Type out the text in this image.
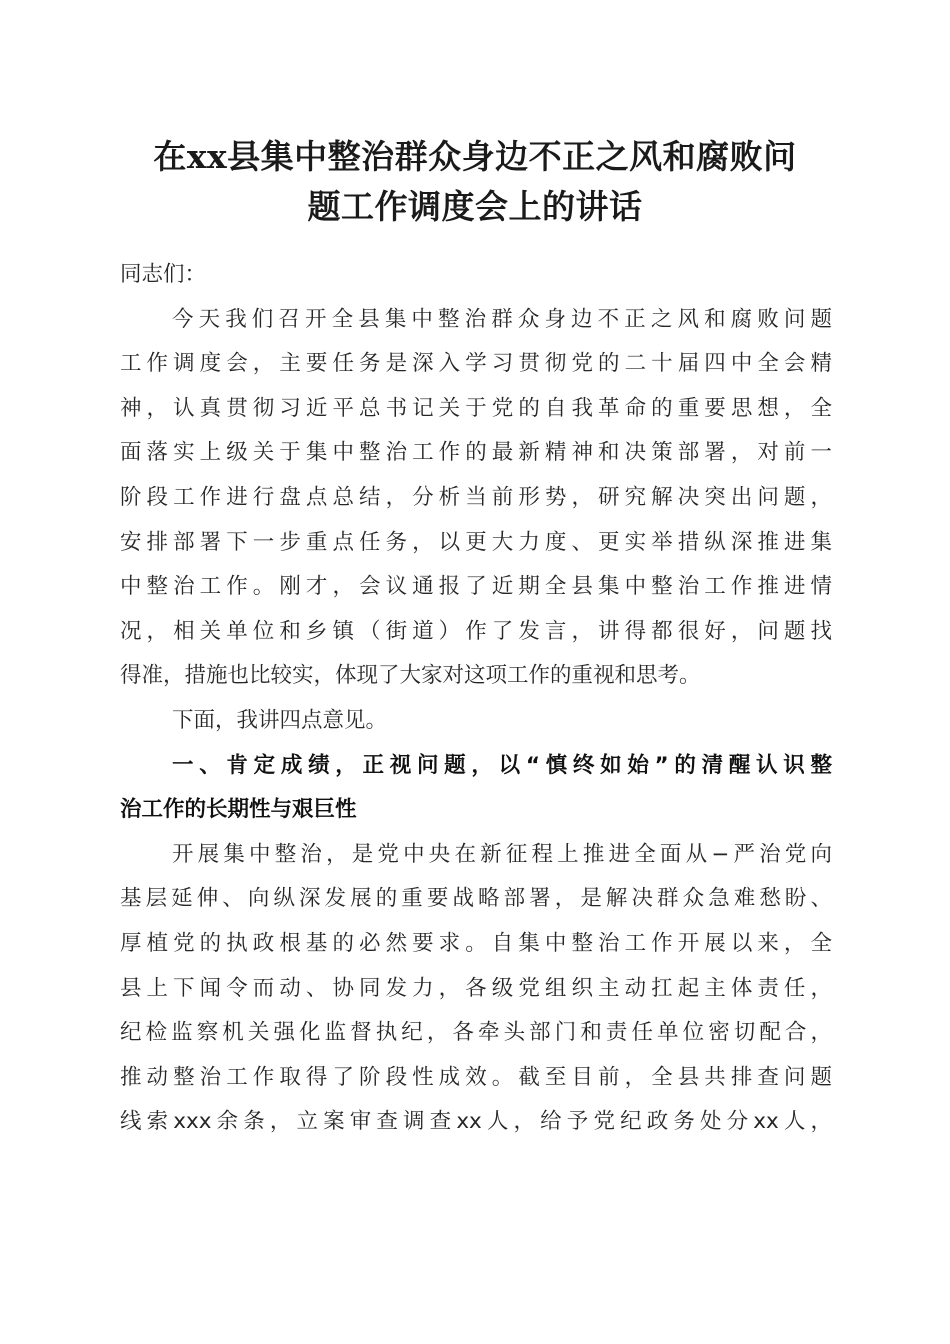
在xx县集中整治群众身边不正之风和腐败问
题工作调度会上的讲话
同志们：
今天我们召开全县集中整治群众身边不正之风和腐败问题
工作调度会，主要任务是深入学习贯彻党的二十届四中全会精
神，认真贯彻习近平总书记关于党的自我革命的重要思想，全
面落实上级关于集中整治工作的最新精神和决策部署，对前一
阶段工作进行盘点总结，分析当前形势，研究解决突出问题，
安排部署下一步重点任务，以更大力度、更实举措纵深推进集
中整治工作。刚才，会议通报了近期全县集中整治工作推进情
况，相关单位和乡镇（街道）作了发言，讲得都很好，问题找
得准，措施也比较实，体现了大家对这项工作的重视和思考。
下面，我讲四点意见。
一、肯定成绩，正视问题，以“慎终如始”的清醒认识整
治工作的长期性与艰巨性
开展集中整治，是党中央在新征程上推进全面从−严治党向
基层延伸、向纵深发展的重要战略部署，是解决群众急难愁盼、
厚植党的执政根基的必然要求。自集中整治工作开展以来，全
县上下闻令而动、协同发力，各级党组织主动扛起主体责任，
纪检监察机关强化监督执纪，各牵头部门和责任单位密切配合，
推动整治工作取得了阶段性成效。截至目前，全县共排查问题
线索xxx余条，立案审查调查xx人，给予党纪政务处分xx人，
